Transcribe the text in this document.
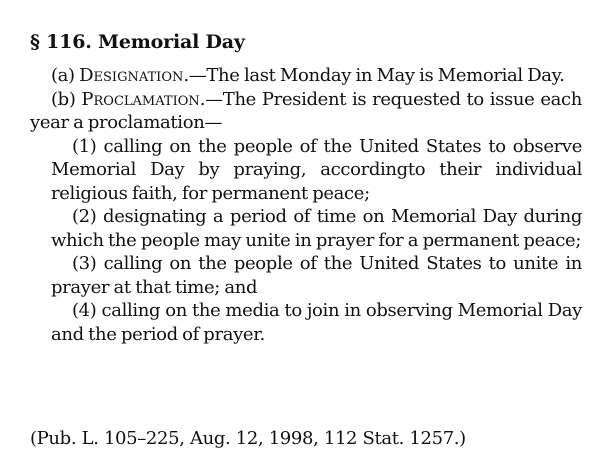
§ 116. Memorial Day

(a) Designation.—The last Monday in May is Memorial Day.

(b) Proclamation.—The President is requested to issue each year a proclamation—

(1) calling on the people of the United States to observe Memorial Day by praying, accordingto their individual religious faith, for permanent peace;

(2) designating a period of time on Memorial Day during which the people may unite in prayer for a permanent peace;

(3) calling on the people of the United States to unite in prayer at that time; and

(4) calling on the media to join in observing Memorial Day and the period of prayer.

(Pub. L. 105–225, Aug. 12, 1998, 112 Stat. 1257.)
